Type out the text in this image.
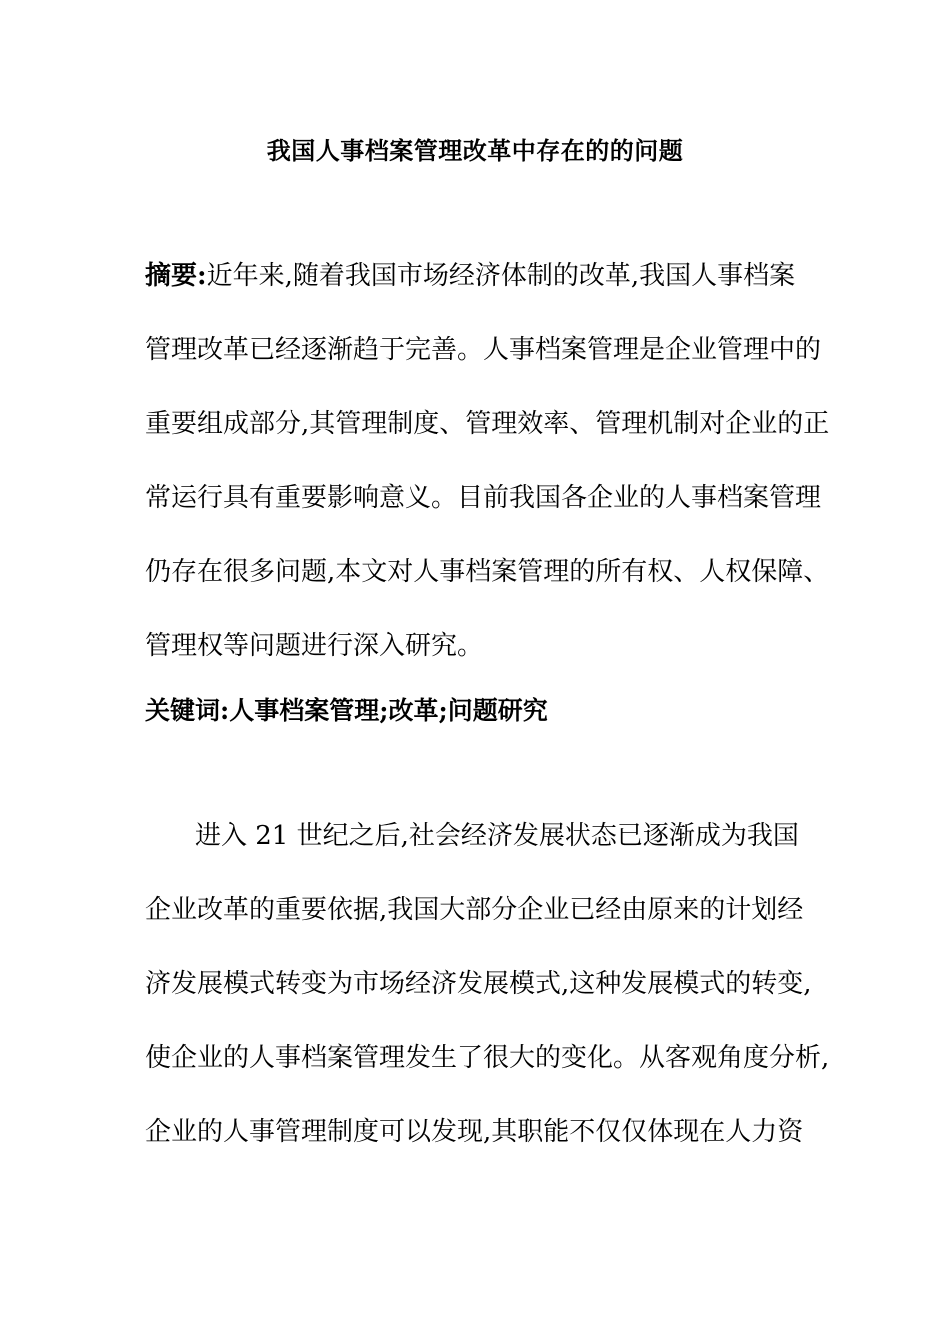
我国人事档案管理改革中存在的的问题
摘要:近年来,随着我国市场经济体制的改革,我国人事档案
管理改革已经逐渐趋于完善。人事档案管理是企业管理中的
重要组成部分,其管理制度、管理效率、管理机制对企业的正
常运行具有重要影响意义。目前我国各企业的人事档案管理
仍存在很多问题,本文对人事档案管理的所有权、人权保障、
管理权等问题进行深入研究。
关键词:人事档案管理;改革;问题研究
进入 21 世纪之后,社会经济发展状态已逐渐成为我国
企业改革的重要依据,我国大部分企业已经由原来的计划经
济发展模式转变为市场经济发展模式,这种发展模式的转变,
使企业的人事档案管理发生了很大的变化。从客观角度分析,
企业的人事管理制度可以发现,其职能不仅仅体现在人力资
